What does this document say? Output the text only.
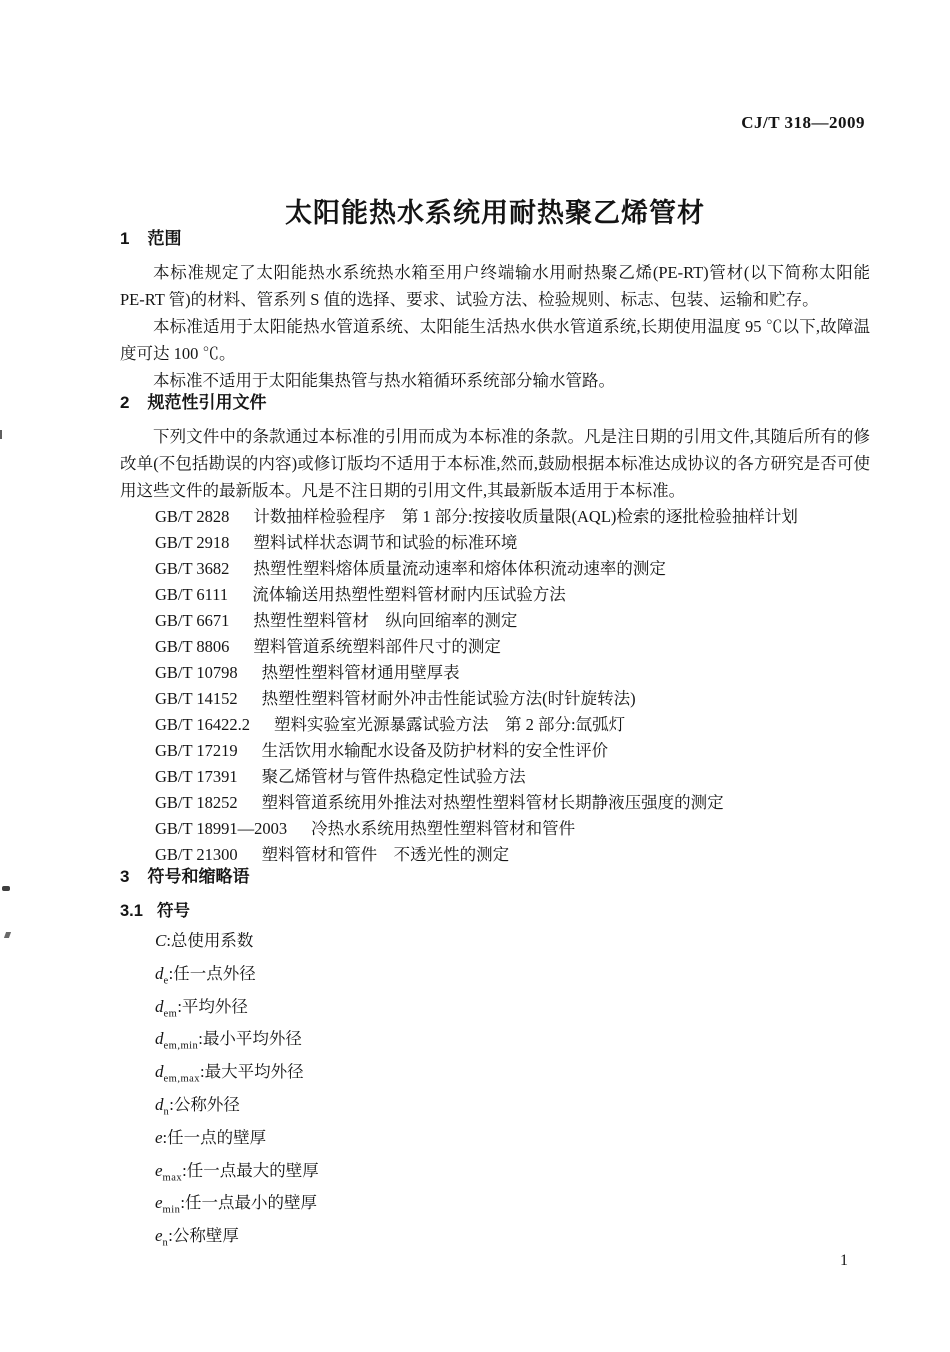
CJ/T 318—2009
太阳能热水系统用耐热聚乙烯管材
1 范围

本标准规定了太阳能热水系统热水箱至用户终端输水用耐热聚乙烯(PE-RT)管材(以下简称太阳能 PE-RT 管)的材料、管系列 S 值的选择、要求、试验方法、检验规则、标志、包装、运输和贮存。

本标准适用于太阳能热水管道系统、太阳能生活热水供水管道系统,长期使用温度 95 ℃以下,故障温度可达 100 ℃。

本标准不适用于太阳能集热管与热水箱循环系统部分输水管路。

2 规范性引用文件

下列文件中的条款通过本标准的引用而成为本标准的条款。凡是注日期的引用文件,其随后所有的修改单(不包括勘误的内容)或修订版均不适用于本标准,然而,鼓励根据本标准达成协议的各方研究是否可使用这些文件的最新版本。凡是不注日期的引用文件,其最新版本适用于本标准。

GB/T 2828 计数抽样检验程序　第 1 部分:按接收质量限(AQL)检索的逐批检验抽样计划
GB/T 2918 塑料试样状态调节和试验的标准环境
GB/T 3682 热塑性塑料熔体质量流动速率和熔体体积流动速率的测定
GB/T 6111 流体输送用热塑性塑料管材耐内压试验方法
GB/T 6671 热塑性塑料管材　纵向回缩率的测定
GB/T 8806 塑料管道系统塑料部件尺寸的测定
GB/T 10798 热塑性塑料管材通用壁厚表
GB/T 14152 热塑性塑料管材耐外冲击性能试验方法(时针旋转法)
GB/T 16422.2 塑料实验室光源暴露试验方法　第 2 部分:氙弧灯
GB/T 17219 生活饮用水输配水设备及防护材料的安全性评价
GB/T 17391 聚乙烯管材与管件热稳定性试验方法
GB/T 18252 塑料管道系统用外推法对热塑性塑料管材长期静液压强度的测定
GB/T 18991—2003 冷热水系统用热塑性塑料管材和管件
GB/T 21300 塑料管材和管件　不透光性的测定
3 符号和缩略语
3.1 符号
C:总使用系数
$d_e$:任一点外径
$d_{em}$:平均外径
$d_{em,min}$:最小平均外径
$d_{em,max}$:最大平均外径
$d_n$:公称外径
e:任一点的壁厚
$e_{max}$:任一点最大的壁厚
$e_{min}$:任一点最小的壁厚
$e_n$:公称壁厚
1
